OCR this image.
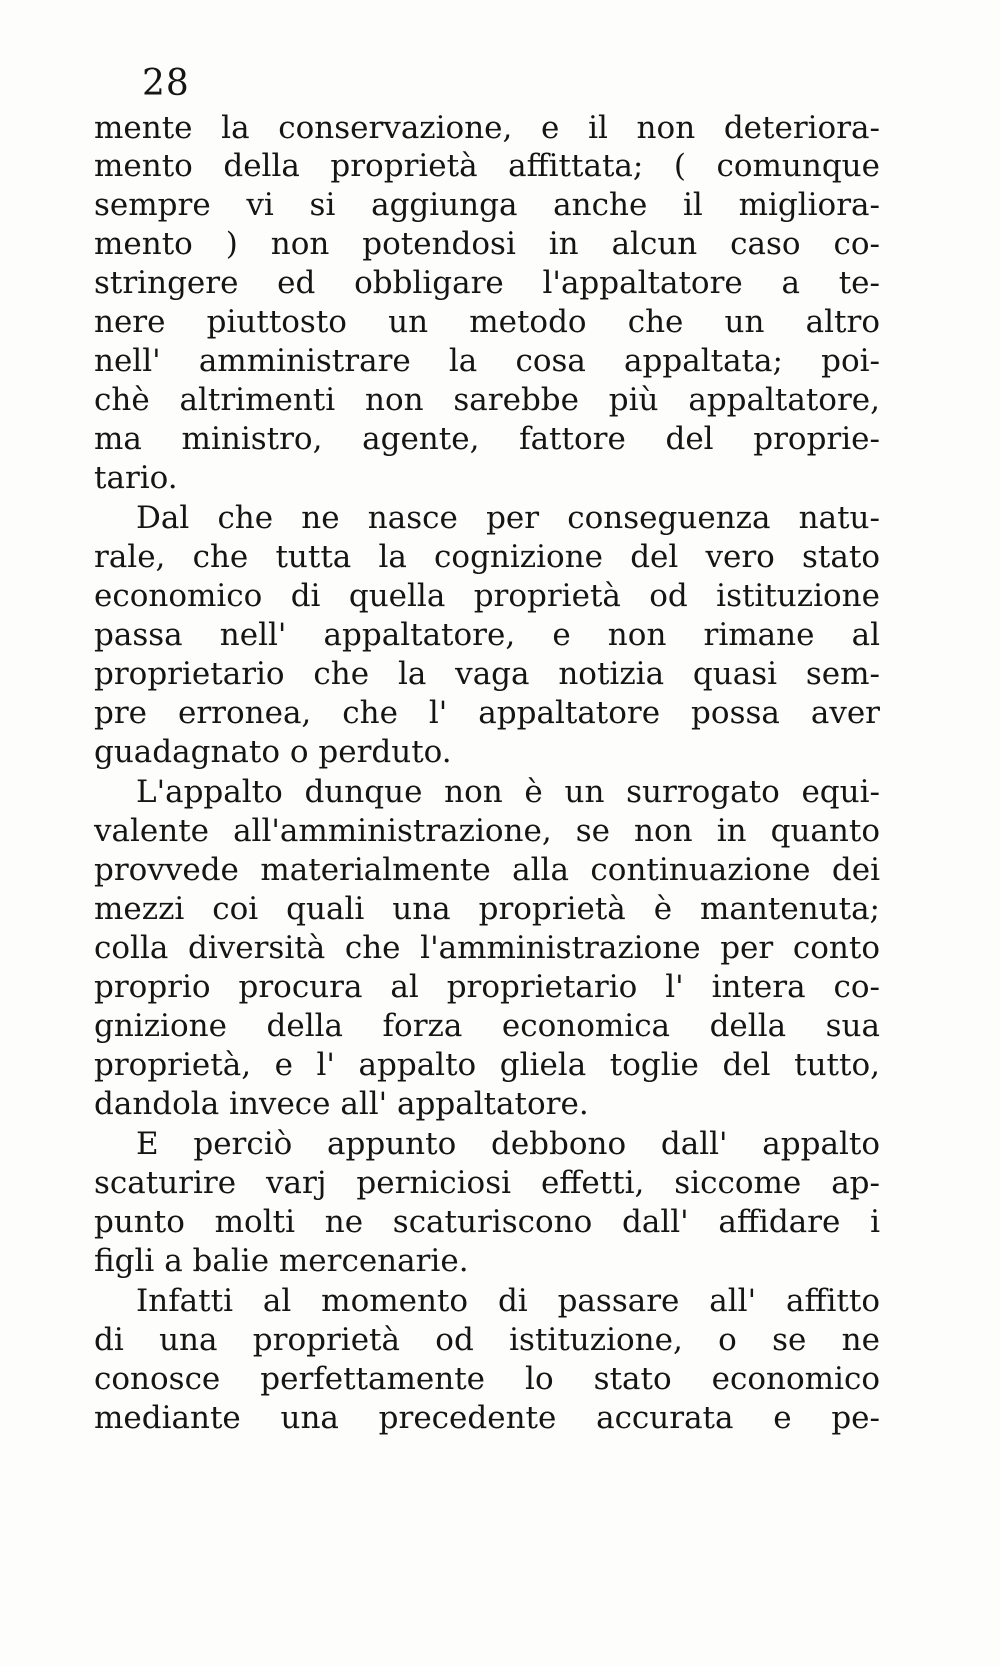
28
mente la conservazione, e il non deteriora-
mento della proprietà affittata; ( comunque
sempre vi si aggiunga anche il migliora-
mento ) non potendosi in alcun caso co-
stringere ed obbligare l'appaltatore a te-
nere piuttosto un metodo che un altro
nell' amministrare la cosa appaltata; poi-
chè altrimenti non sarebbe più appaltatore,
ma ministro, agente, fattore del proprie-
tario.
Dal che ne nasce per conseguenza natu-
rale, che tutta la cognizione del vero stato
economico di quella proprietà od istituzione
passa nell' appaltatore, e non rimane al
proprietario che la vaga notizia quasi sem-
pre erronea, che l' appaltatore possa aver
guadagnato o perduto.
L'appalto dunque non è un surrogato equi-
valente all'amministrazione, se non in quanto
provvede materialmente alla continuazione dei
mezzi coi quali una proprietà è mantenuta;
colla diversità che l'amministrazione per conto
proprio procura al proprietario l' intera co-
gnizione della forza economica della sua
proprietà, e l' appalto gliela toglie del tutto,
dandola invece all' appaltatore.
E perciò appunto debbono dall' appalto
scaturire varj perniciosi effetti, siccome ap-
punto molti ne scaturiscono dall' affidare i
figli a balie mercenarie.
Infatti al momento di passare all' affitto
di una proprietà od istituzione, o se ne
conosce perfettamente lo stato economico
mediante una precedente accurata e pe-
